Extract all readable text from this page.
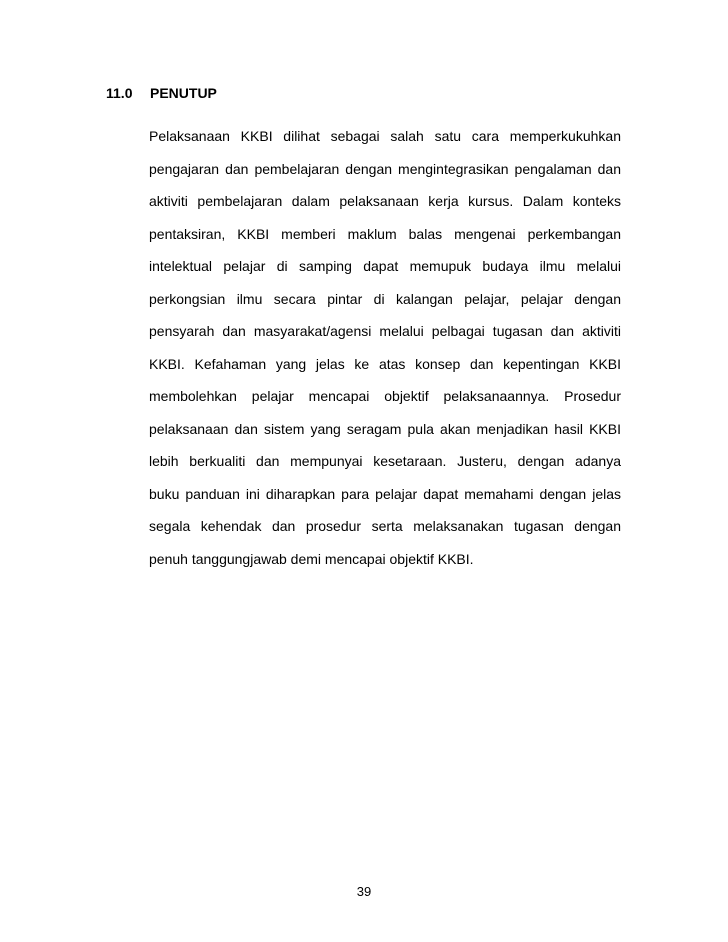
11.0	PENUTUP
Pelaksanaan KKBI dilihat sebagai salah satu cara memperkukuhkan
pengajaran dan pembelajaran dengan mengintegrasikan pengalaman dan
aktiviti pembelajaran dalam pelaksanaan kerja kursus. Dalam konteks
pentaksiran, KKBI memberi maklum balas mengenai perkembangan
intelektual pelajar di samping dapat memupuk budaya ilmu melalui
perkongsian ilmu secara pintar di kalangan pelajar, pelajar dengan
pensyarah dan masyarakat/agensi melalui pelbagai tugasan dan aktiviti
KKBI. Kefahaman yang jelas ke atas konsep dan kepentingan KKBI
membolehkan pelajar mencapai objektif pelaksanaannya. Prosedur
pelaksanaan dan sistem yang seragam pula akan menjadikan hasil KKBI
lebih berkualiti dan mempunyai kesetaraan. Justeru, dengan adanya
buku panduan ini diharapkan para pelajar dapat memahami dengan jelas
segala kehendak dan prosedur serta melaksanakan tugasan dengan
penuh tanggungjawab demi mencapai objektif KKBI.
39
